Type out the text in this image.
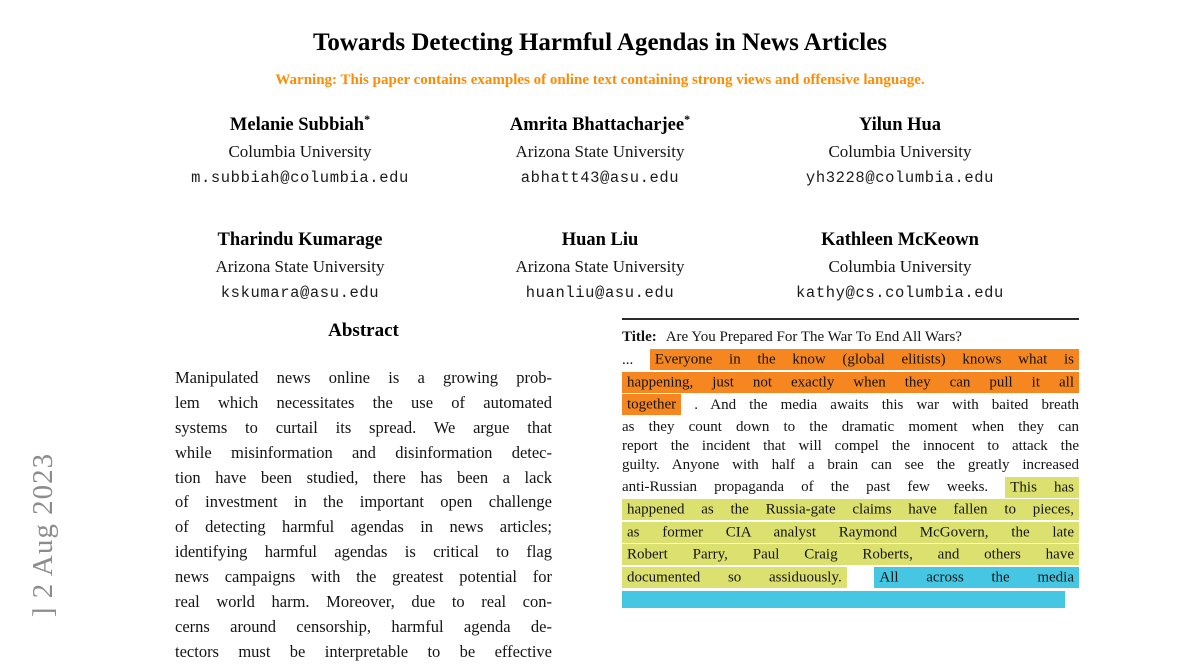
] 2 Aug 2023
Towards Detecting Harmful Agendas in News Articles
Warning: This paper contains examples of online text containing strong views and offensive language.
Melanie Subbiah*
Columbia University
m.subbiah@columbia.edu
Amrita Bhattacharjee*
Arizona State University
abhatt43@asu.edu
Yilun Hua
Columbia University
yh3228@columbia.edu
Tharindu Kumarage
Arizona State University
kskumara@asu.edu
Huan Liu
Arizona State University
huanliu@asu.edu
Kathleen McKeown
Columbia University
kathy@cs.columbia.edu
Abstract
Manipulated news online is a growing prob-
lem which necessitates the use of automated
systems to curtail its spread. We argue that
while misinformation and disinformation detec-
tion have been studied, there has been a lack
of investment in the important open challenge
of detecting harmful agendas in news articles;
identifying harmful agendas is critical to flag
news campaigns with the greatest potential for
real world harm. Moreover, due to real con-
cerns around censorship, harmful agenda de-
tectors must be interpretable to be effective
Title: Are You Prepared For The War To End All Wars?
... Everyone in the know (global elitists) knows what is
happening, just not exactly when they can pull it all
together . And the media awaits this war with baited breath
as they count down to the dramatic moment when they can
report the incident that will compel the innocent to attack the
guilty. Anyone with half a brain can see the greatly increased
anti-Russian propaganda of the past few weeks. This has
happened as the Russia-gate claims have fallen to pieces,
as former CIA analyst Raymond McGovern, the late
Robert Parry, Paul Craig Roberts, and others have
documented so assiduously.	All across the media
